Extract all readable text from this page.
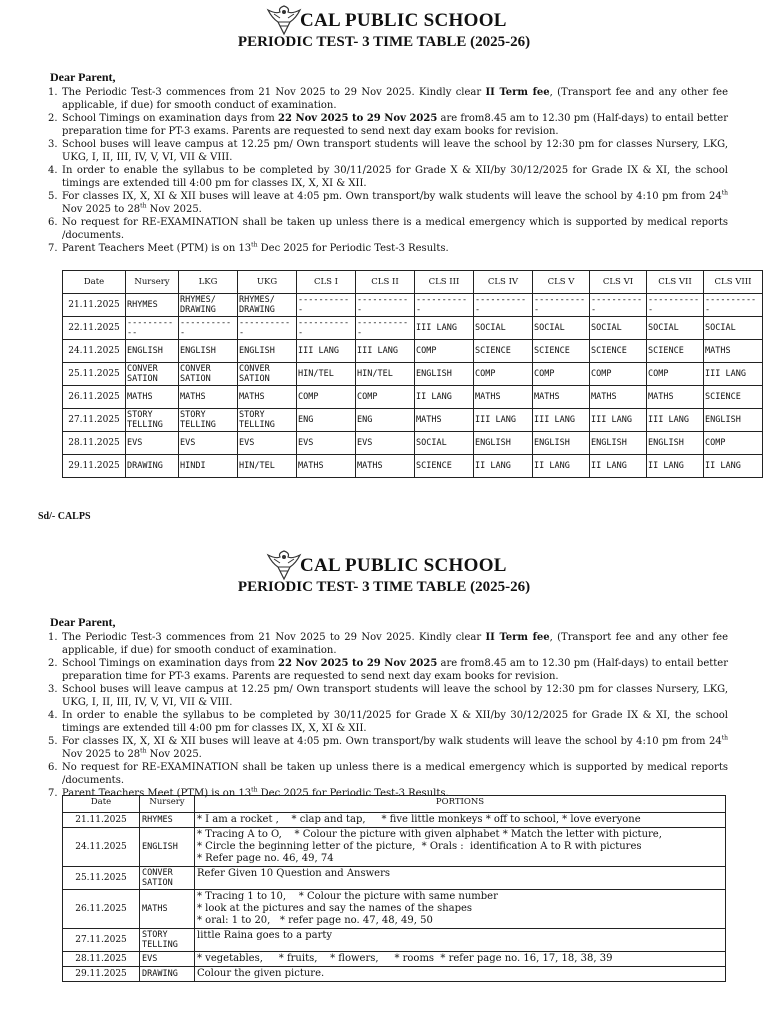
CAL PUBLIC SCHOOL
PERIODIC TEST- 3 TIME TABLE (2025-26)
Dear Parent,
1. The Periodic Test-3 commences from 21 Nov 2025 to 29 Nov 2025. Kindly clear II Term fee, (Transport fee and any other fee applicable, if due) for smooth conduct of examination.
2. School Timings on examination days from 22 Nov 2025 to 29 Nov 2025 are from8.45 am to 12.30 pm (Half-days) to entail better preparation time for PT-3 exams. Parents are requested to send next day exam books for revision.
3. School buses will leave campus at 12.25 pm/ Own transport students will leave the school by 12:30 pm for classes Nursery, LKG, UKG, I, II, III, IV, V, VI, VII & VIII.
4. In order to enable the syllabus to be completed by 30/11/2025 for Grade X & XII/by 30/12/2025 for Grade IX & XI, the school timings are extended till 4:00 pm for classes IX, X, XI & XII.
5. For classes IX, X, XI & XII buses will leave at 4:05 pm. Own transport/by walk students will leave the school by 4:10 pm from 24th Nov 2025 to 28th Nov 2025.
6. No request for RE-EXAMINATION shall be taken up unless there is a medical emergency which is supported by medical reports /documents.
7. Parent Teachers Meet (PTM) is on 13th Dec 2025 for Periodic Test-3 Results.
Date	Nursery	LKG	UKG	CLS I	CLS II	CLS III	CLS IV	CLS V	CLS VI	CLS VII	CLS VIII
21.11.2025	RHYMES	RHYMES/ DRAWING	RHYMES/ DRAWING	-----------	-----------	-----------	-----------	-----------	-----------	-----------	-----------
22.11.2025	-----------	-----------	-----------	-----------	-----------	III LANG	SOCIAL	SOCIAL	SOCIAL	SOCIAL	SOCIAL
24.11.2025	ENGLISH	ENGLISH	ENGLISH	III LANG	III LANG	COMP	SCIENCE	SCIENCE	SCIENCE	SCIENCE	MATHS
25.11.2025	CONVER SATION	CONVER SATION	CONVER SATION	HIN/TEL	HIN/TEL	ENGLISH	COMP	COMP	COMP	COMP	III LANG
26.11.2025	MATHS	MATHS	MATHS	COMP	COMP	II LANG	MATHS	MATHS	MATHS	MATHS	SCIENCE
27.11.2025	STORY TELLING	STORY TELLING	STORY TELLING	ENG	ENG	MATHS	III LANG	III LANG	III LANG	III LANG	ENGLISH
28.11.2025	EVS	EVS	EVS	EVS	EVS	SOCIAL	ENGLISH	ENGLISH	ENGLISH	ENGLISH	COMP
29.11.2025	DRAWING	HINDI	HIN/TEL	MATHS	MATHS	SCIENCE	II LANG	II LANG	II LANG	II LANG	II LANG
Sd/- CALPS
CAL PUBLIC SCHOOL
PERIODIC TEST- 3 TIME TABLE (2025-26)
Dear Parent,
1. The Periodic Test-3 commences from 21 Nov 2025 to 29 Nov 2025. Kindly clear II Term fee, (Transport fee and any other fee applicable, if due) for smooth conduct of examination.
2. School Timings on examination days from 22 Nov 2025 to 29 Nov 2025 are from8.45 am to 12.30 pm (Half-days) to entail better preparation time for PT-3 exams. Parents are requested to send next day exam books for revision.
3. School buses will leave campus at 12.25 pm/ Own transport students will leave the school by 12:30 pm for classes Nursery, LKG, UKG, I, II, III, IV, V, VI, VII & VIII.
4. In order to enable the syllabus to be completed by 30/11/2025 for Grade X & XII/by 30/12/2025 for Grade IX & XI, the school timings are extended till 4:00 pm for classes IX, X, XI & XII.
5. For classes IX, X, XI & XII buses will leave at 4:05 pm. Own transport/by walk students will leave the school by 4:10 pm from 24th Nov 2025 to 28th Nov 2025.
6. No request for RE-EXAMINATION shall be taken up unless there is a medical emergency which is supported by medical reports /documents.
7. Parent Teachers Meet (PTM) is on 13th Dec 2025 for Periodic Test-3 Results.
Date	Nursery	PORTIONS
21.11.2025	RHYMES	* I am a rocket ,    * clap and tap,     * five little monkeys * off to school, * love everyone

24.11.2025	ENGLISH	* Tracing A to O,    * Colour the picture with given alphabet * Match the letter with picture,
* Circle the beginning letter of the picture,  * Orals :  identification A to R with pictures
* Refer page no. 46, 49, 74

25.11.2025	CONVER SATION	Refer Given 10 Question and Answers

26.11.2025	MATHS	* Tracing 1 to 10,    * Colour the picture with same number
* look at the pictures and say the names of the shapes
* oral: 1 to 20,   * refer page no. 47, 48, 49, 50

27.11.2025	STORY TELLING	little Raina goes to a party

28.11.2025	EVS	* vegetables,     * fruits,    * flowers,     * rooms  * refer page no. 16, 17, 18, 38, 39

29.11.2025	DRAWING	Colour the given picture.
